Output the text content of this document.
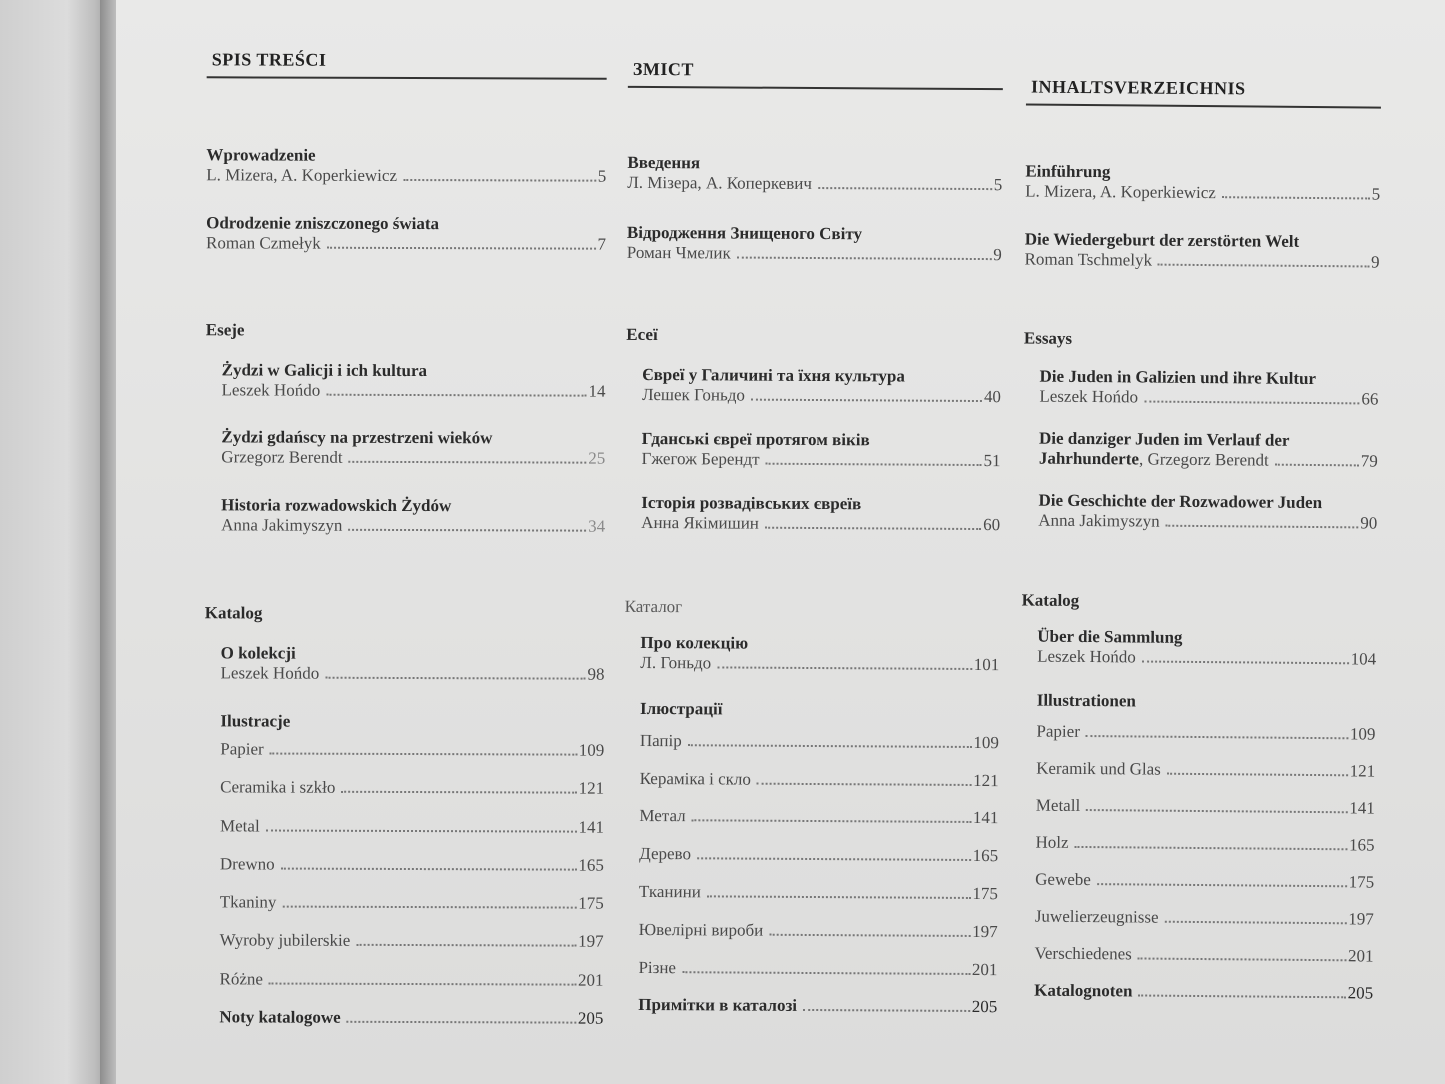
SPIS TREŚCI
Wprowadzenie
L. Mizera, A. Koperkiewicz	5
Odrodzenie zniszczonego świata
Roman Czmełyk	7
Eseje
Żydzi w Galicji i ich kultura
Leszek Hońdo	14
Żydzi gdańscy na przestrzeni wieków
Grzegorz Berendt	25
Historia rozwadowskich Żydów
Anna Jakimyszyn	34
Katalog
O kolekcji
Leszek Hońdo	98
Ilustracje
Papier	109
Ceramika i szkło	121
Metal	141
Drewno	165
Tkaniny	175
Wyroby jubilerskie	197
Różne	201
Noty katalogowe	205
ЗМІСТ
Введення
Л. Мізера, А. Коперкевич	5
Відродження Знищеного Світу
Роман Чмелик	9
Есеї
Євреї у Галичині та їхня культура
Лешек Гоньдо	40
Гданські євреї протягом віків
Гжегож Берендт	51
Історія розвадівських євреїв
Анна Якімишин	60
Каталог
Про колекцію
Л. Гоньдо	101
Ілюстрації
Папір	109
Кераміка і скло	121
Метал	141
Дерево	165
Тканини	175
Ювелірні вироби	197
Різне	201
Примітки в каталозі	205
INHALTSVERZEICHNIS
Einführung
L. Mizera, A. Koperkiewicz	5
Die Wiedergeburt der zerstörten Welt
Roman Tschmelyk	9
Essays
Die Juden in Galizien und ihre Kultur
Leszek Hońdo	66
Die danziger Juden im Verlauf der
Jahrhunderte, Grzegorz Berendt	79
Die Geschichte der Rozwadower Juden
Anna Jakimyszyn	90
Katalog
Über die Sammlung
Leszek Hońdo	104
Illustrationen
Papier	109
Keramik und Glas	121
Metall	141
Holz	165
Gewebe	175
Juwelierzeugnisse	197
Verschiedenes	201
Katalognoten	205
